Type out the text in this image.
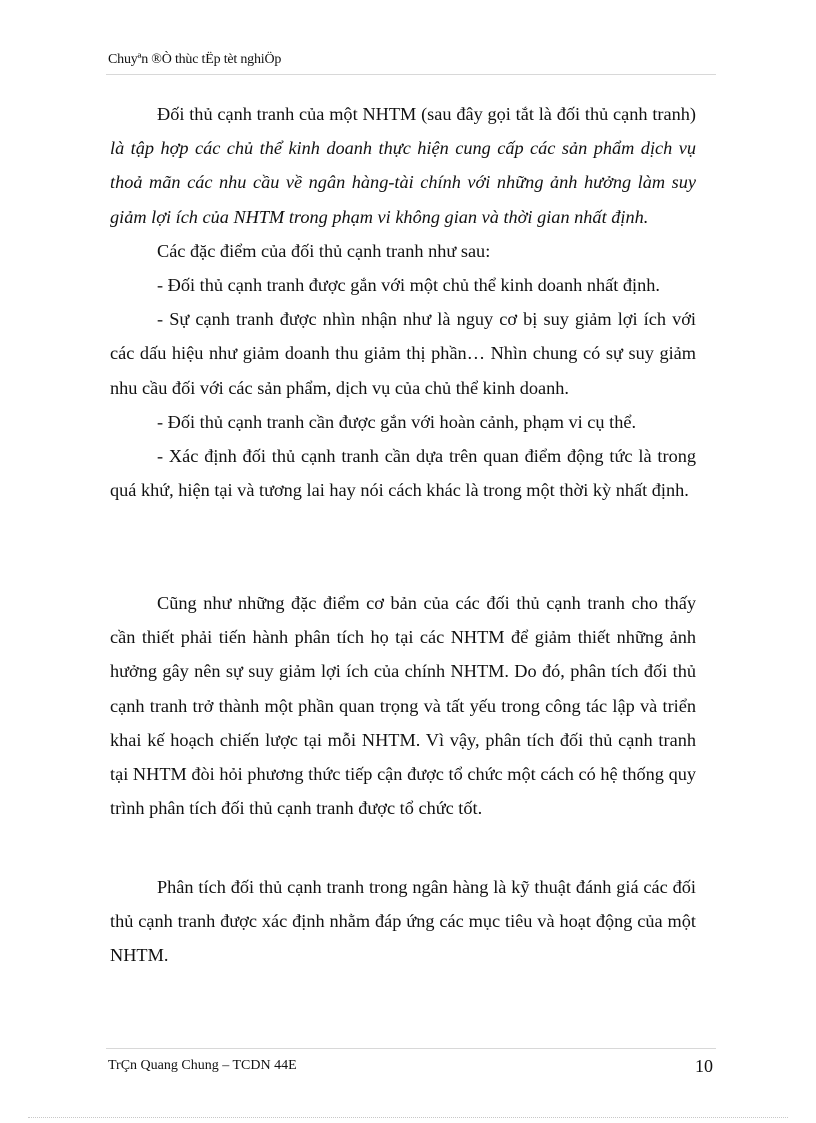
Chuyªn ®Ò thùc tËp tèt nghiÖp

Đối thủ cạnh tranh của một NHTM (sau đây gọi tắt là đối thủ cạnh tranh) là tập hợp các chủ thể kinh doanh thực hiện cung cấp các sản phẩm dịch vụ thoả mãn các nhu cầu về ngân hàng-tài chính với những ảnh hưởng làm suy giảm lợi ích của NHTM trong phạm vi không gian và thời gian nhất định.

Các đặc điểm của đối thủ cạnh tranh như sau:

- Đối thủ cạnh tranh được gắn với một chủ thể kinh doanh nhất định.

- Sự cạnh tranh được nhìn nhận như là nguy cơ bị suy giảm lợi ích với các dấu hiệu như giảm doanh thu giảm thị phần… Nhìn chung có sự suy giảm nhu cầu đối với các sản phẩm, dịch vụ của chủ thể kinh doanh.

- Đối thủ cạnh tranh cần được gắn với hoàn cảnh, phạm vi cụ thể.

- Xác định đối thủ cạnh tranh cần dựa trên quan điểm động tức là trong quá khứ, hiện tại và tương lai hay nói cách khác là trong một thời kỳ nhất định.

Cũng như những đặc điểm cơ bản của các đối thủ cạnh tranh cho thấy cần thiết phải tiến hành phân tích họ tại các NHTM để giảm thiết những ảnh hưởng gây nên sự suy giảm lợi ích của chính NHTM. Do đó, phân tích đối thủ cạnh tranh trở thành một phần quan trọng và tất yếu trong công tác lập và triển khai kế hoạch chiến lược tại mỗi NHTM. Vì vậy, phân tích đối thủ cạnh tranh tại NHTM đòi hỏi phương thức tiếp cận được tổ chức một cách có hệ thống quy trình phân tích đối thủ cạnh tranh được tổ chức tốt.

Phân tích đối thủ cạnh tranh trong ngân hàng là kỹ thuật đánh giá các đối thủ cạnh tranh được xác định nhằm đáp ứng các mục tiêu và hoạt động của một NHTM.

TrÇn Quang Chung – TCDN 44E	10
